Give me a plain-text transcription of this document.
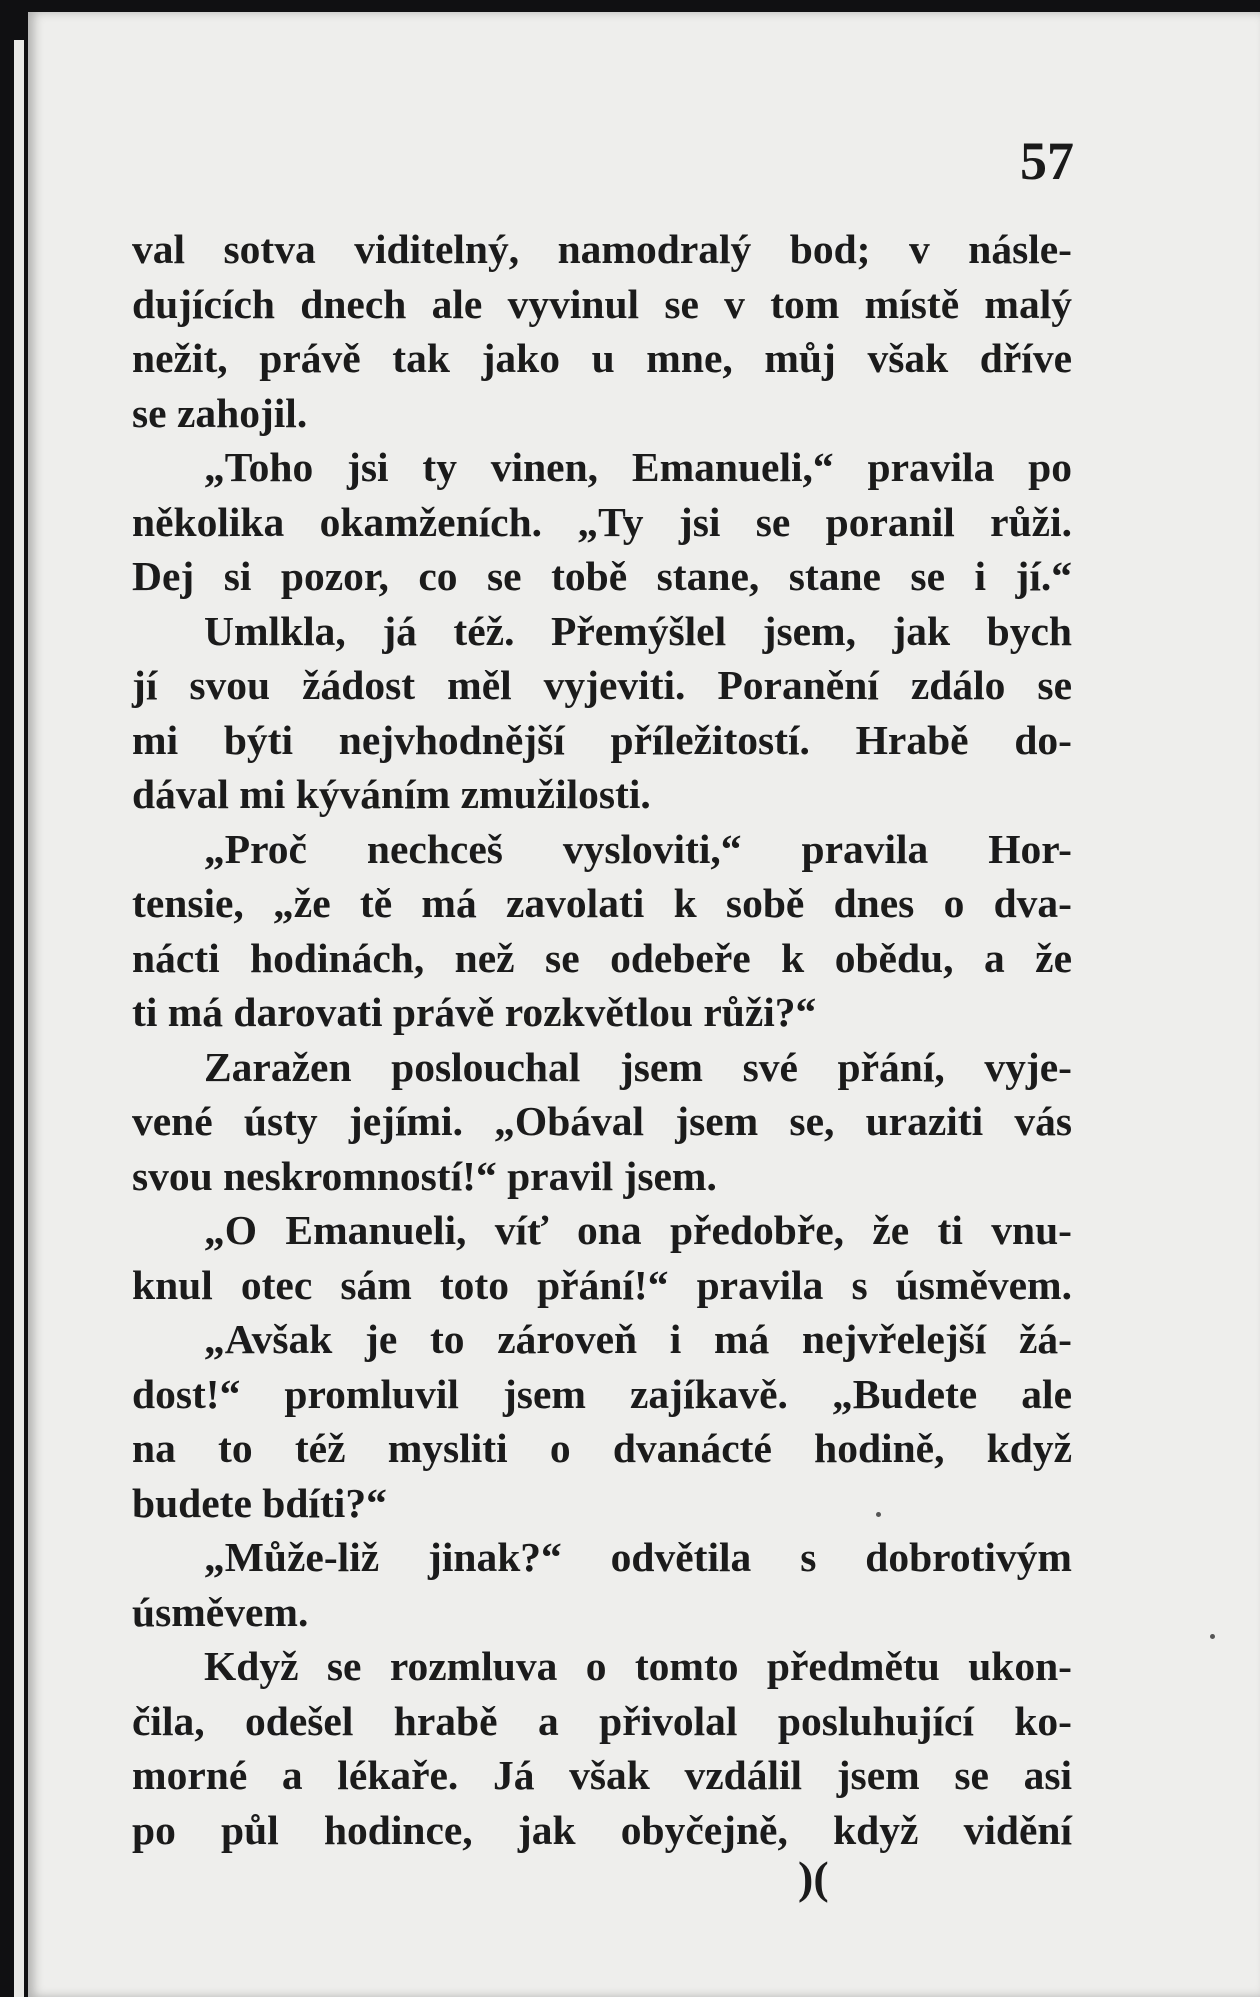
57

val sotva viditelný, namodralý bod; v násle-
dujících dnech ale vyvinul se v tom místě malý
nežit, právě tak jako u mne, můj však dříve
se zahojil.
„Toho jsi ty vinen, Emanueli,“ pravila po
několika okamženích. „Ty jsi se poranil růži.
Dej si pozor, co se tobě stane, stane se i jí.“
Umlkla, já též. Přemýšlel jsem, jak bych
jí svou žádost měl vyjeviti. Poranění zdálo se
mi býti nejvhodnější příležitostí. Hrabě do-
dával mi kýváním zmužilosti.
„Proč nechceš vysloviti,“ pravila Hor-
tensie, „že tě má zavolati k sobě dnes o dva-
nácti hodinách, než se odebeře k obědu, a že
ti má darovati právě rozkvětlou růži?“
Zaražen poslouchal jsem své přání, vyje-
vené ústy jejími. „Obával jsem se, uraziti vás
svou neskromností!“ pravil jsem.
„O Emanueli, víť ona předobře, že ti vnu-
knul otec sám toto přání!“ pravila s úsměvem.
„Avšak je to zároveň i má nejvřelejší žá-
dost!“ promluvil jsem zajíkavě. „Budete ale
na to též mysliti o dvanácté hodině, když
budete bdíti?“
„Může-liž jinak?“ odvětila s dobrotivým
úsměvem.
Když se rozmluva o tomto předmětu ukon-
čila, odešel hrabě a přivolal posluhující ko-
morné a lékaře. Já však vzdálil jsem se asi
po půl hodince, jak obyčejně, když vidění

)(
